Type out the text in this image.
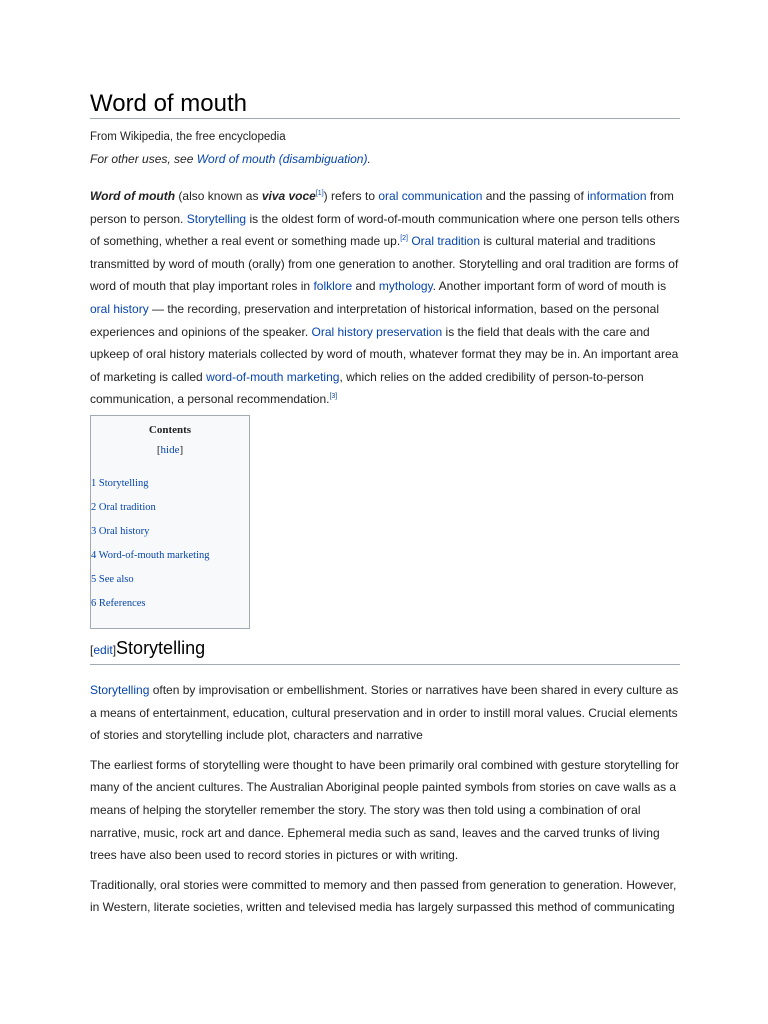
Word of mouth
From Wikipedia, the free encyclopedia
For other uses, see Word of mouth (disambiguation).

Word of mouth (also known as viva voce[1]) refers to oral communication and the passing of information from person to person. Storytelling is the oldest form of word-of-mouth communication where one person tells others of something, whether a real event or something made up.[2] Oral tradition is cultural material and traditions transmitted by word of mouth (orally) from one generation to another. Storytelling and oral tradition are forms of word of mouth that play important roles in folklore and mythology. Another important form of word of mouth is oral history — the recording, preservation and interpretation of historical information, based on the personal experiences and opinions of the speaker. Oral history preservation is the field that deals with the care and upkeep of oral history materials collected by word of mouth, whatever format they may be in. An important area of marketing is called word-of-mouth marketing, which relies on the added credibility of person-to-person communication, a personal recommendation.[3]

Contents
[hide]
1 Storytelling
2 Oral tradition
3 Oral history
4 Word-of-mouth marketing
5 See also
6 References
[edit]Storytelling

Storytelling often by improvisation or embellishment. Stories or narratives have been shared in every culture as a means of entertainment, education, cultural preservation and in order to instill moral values. Crucial elements of stories and storytelling include plot, characters and narrative

The earliest forms of storytelling were thought to have been primarily oral combined with gesture storytelling for many of the ancient cultures. The Australian Aboriginal people painted symbols from stories on cave walls as a means of helping the storyteller remember the story. The story was then told using a combination of oral narrative, music, rock art and dance. Ephemeral media such as sand, leaves and the carved trunks of living trees have also been used to record stories in pictures or with writing.

Traditionally, oral stories were committed to memory and then passed from generation to generation. However, in Western, literate societies, written and televised media has largely surpassed this method of communicating
